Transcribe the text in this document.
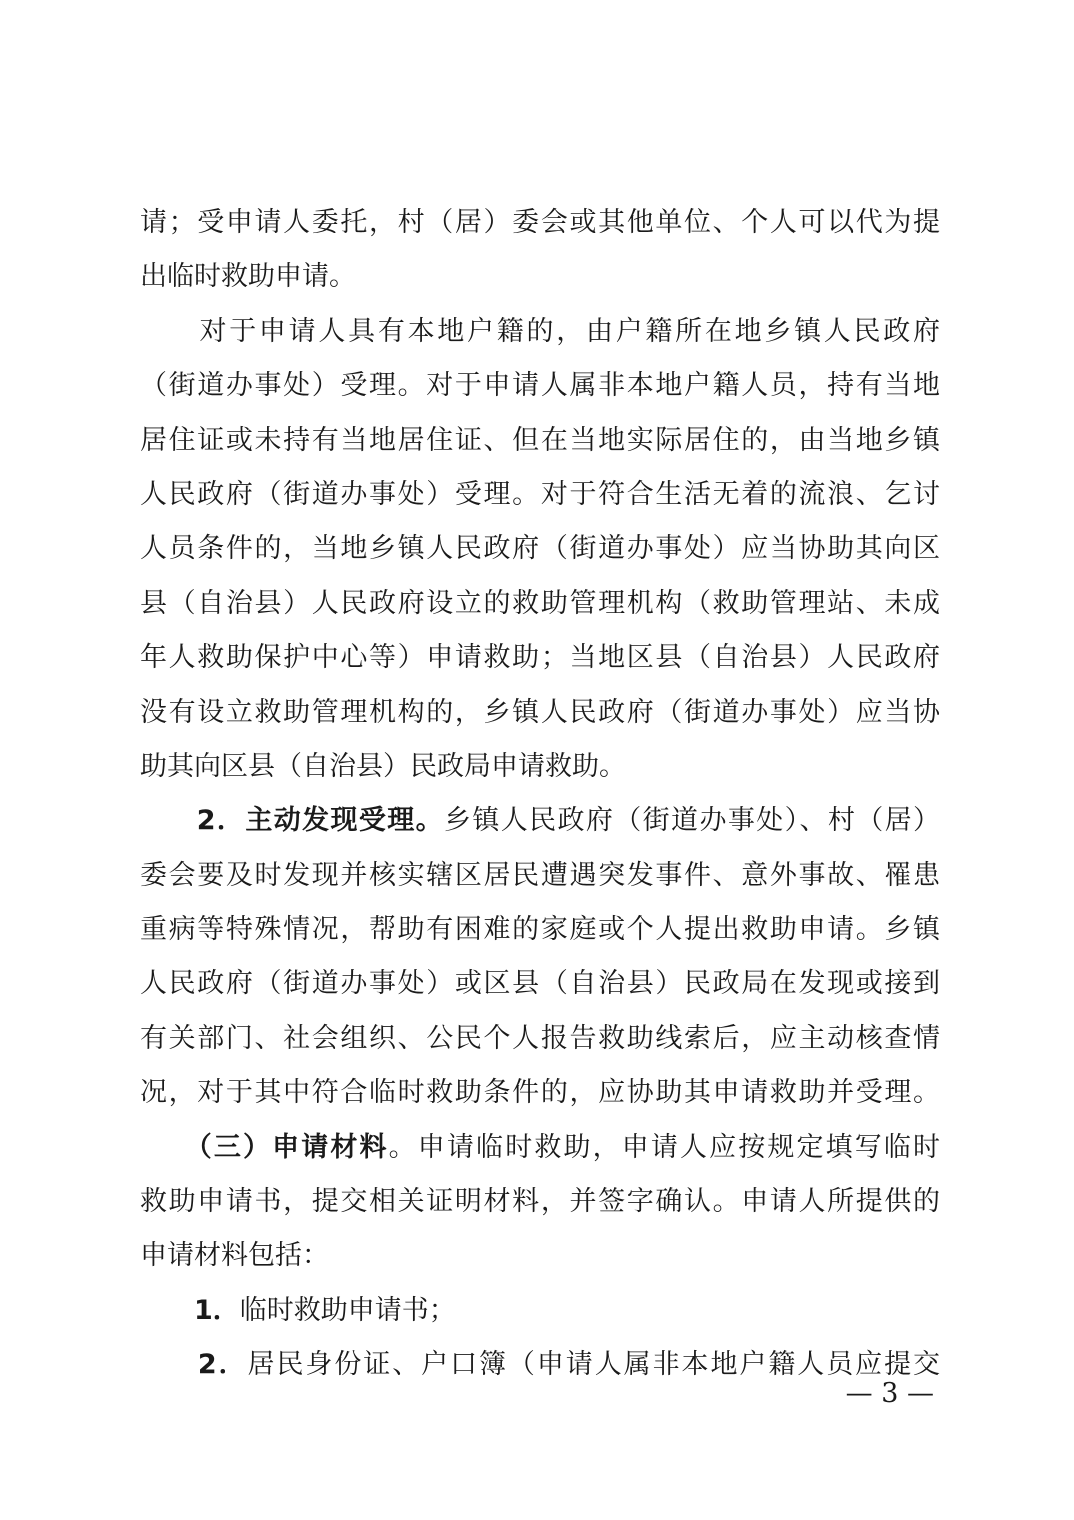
请；受申请人委托，村（居）委会或其他单位、个人可以代为提
出临时救助申请。
　　对于申请人具有本地户籍的，由户籍所在地乡镇人民政府
（街道办事处）受理。对于申请人属非本地户籍人员，持有当地
居住证或未持有当地居住证、但在当地实际居住的，由当地乡镇
人民政府（街道办事处）受理。对于符合生活无着的流浪、乞讨
人员条件的，当地乡镇人民政府（街道办事处）应当协助其向区
县（自治县）人民政府设立的救助管理机构（救助管理站、未成
年人救助保护中心等）申请救助；当地区县（自治县）人民政府
没有设立救助管理机构的，乡镇人民政府（街道办事处）应当协
助其向区县（自治县）民政局申请救助。
　　2．主动发现受理。乡镇人民政府（街道办事处）、村（居）
委会要及时发现并核实辖区居民遭遇突发事件、意外事故、罹患
重病等特殊情况，帮助有困难的家庭或个人提出救助申请。乡镇
人民政府（街道办事处）或区县（自治县）民政局在发现或接到
有关部门、社会组织、公民个人报告救助线索后，应主动核查情
况，对于其中符合临时救助条件的，应协助其申请救助并受理。
　　（三）申请材料。申请临时救助，申请人应按规定填写临时
救助申请书，提交相关证明材料，并签字确认。申请人所提供的
申请材料包括：
　　1．临时救助申请书；
　　2．居民身份证、户口簿（申请人属非本地户籍人员应提交
— 3 —
